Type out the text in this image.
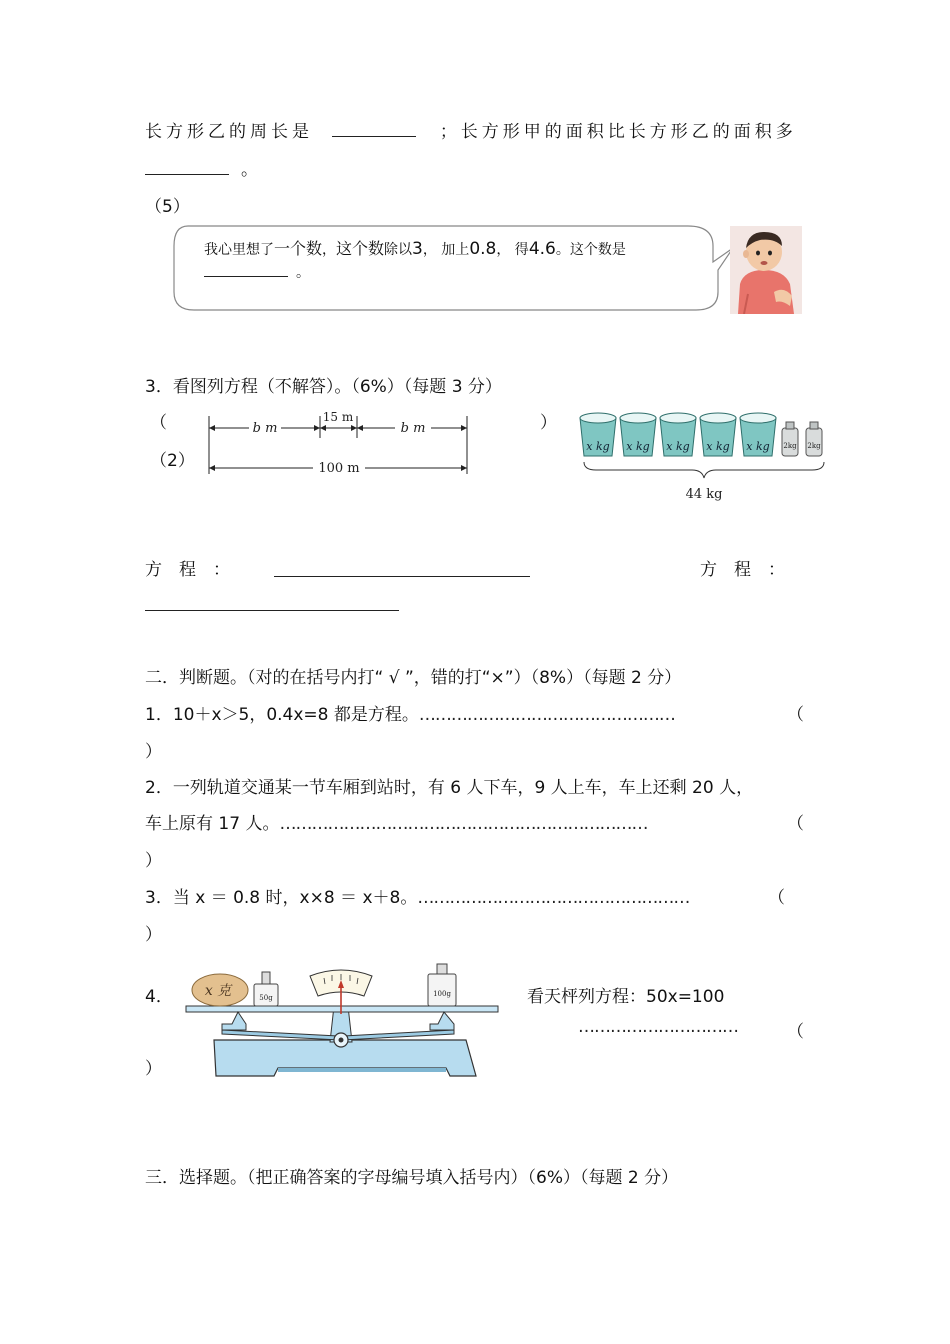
长方形乙的周长是	；长方形甲的面积比长方形乙的面积多
。
（5）
我心里想了一个数，这个数除以3， 加上0.8， 得4.6。这个数是
。
3．看图列方程（不解答）。（6%）（每题 3 分）
（	）
（2）
b m
15 m
b m
100 m
x kg x kg x kg x kg x kg 2kg 2kg
44 kg
方　程　：	方　程　：
二．判断题。（对的在括号内打“ √ ”，错的打“×”）（8%）（每题 2 分）
1．10＋x＞5，0.4x=8 都是方程。…………………………………………	（
）
2．一列轨道交通某一节车厢到站时，有 6 人下车，9 人上车，车上还剩 20 人，
车上原有 17 人。……………………………………………………………	（
）
3．当 x ＝ 0.8 时，x×8 ＝ x＋8。……………………………………………	（
）
4． x 克	50g	100g	看天枰列方程：50x=100
…………………………	（
）
三．选择题。（把正确答案的字母编号填入括号内）（6%）（每题 2 分）
